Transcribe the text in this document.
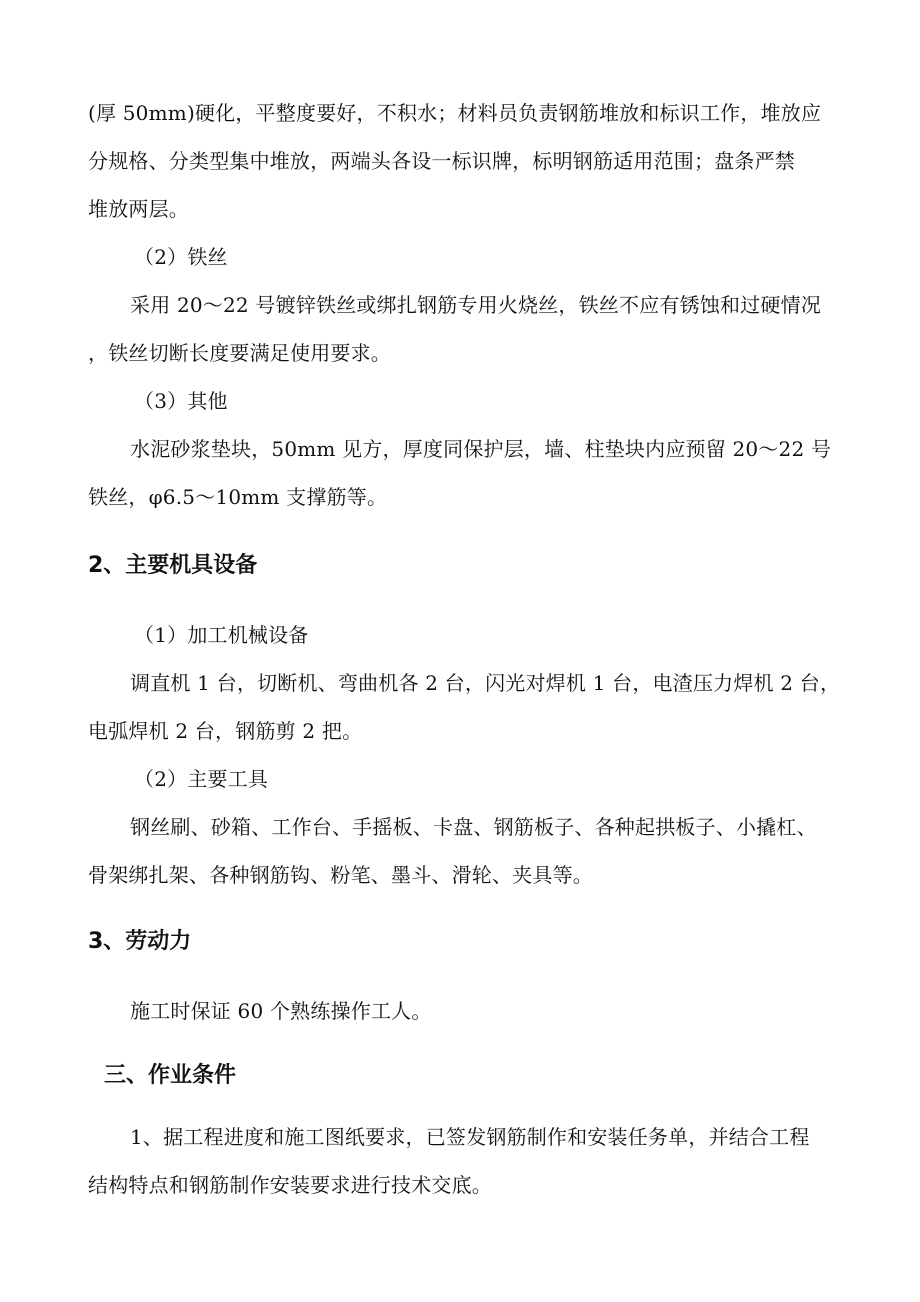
(厚 50mm)硬化，平整度要好，不积水；材料员负责钢筋堆放和标识工作，堆放应
分规格、分类型集中堆放，两端头各设一标识牌，标明钢筋适用范围；盘条严禁
堆放两层。
（2）铁丝
采用 20～22 号镀锌铁丝或绑扎钢筋专用火烧丝，铁丝不应有锈蚀和过硬情况
，铁丝切断长度要满足使用要求。
（3）其他
水泥砂浆垫块，50mm 见方，厚度同保护层，墙、柱垫块内应预留 20～22 号
铁丝，φ6.5～10mm 支撑筋等。
2、主要机具设备
（1）加工机械设备
调直机 1 台，切断机、弯曲机各 2 台，闪光对焊机 1 台，电渣压力焊机 2 台，
电弧焊机 2 台，钢筋剪 2 把。
（2）主要工具
钢丝刷、砂箱、工作台、手摇板、卡盘、钢筋板子、各种起拱板子、小撬杠、
骨架绑扎架、各种钢筋钩、粉笔、墨斗、滑轮、夹具等。
3、劳动力
施工时保证 60 个熟练操作工人。
三、作业条件
1、据工程进度和施工图纸要求，已签发钢筋制作和安装任务单，并结合工程
结构特点和钢筋制作安装要求进行技术交底。
